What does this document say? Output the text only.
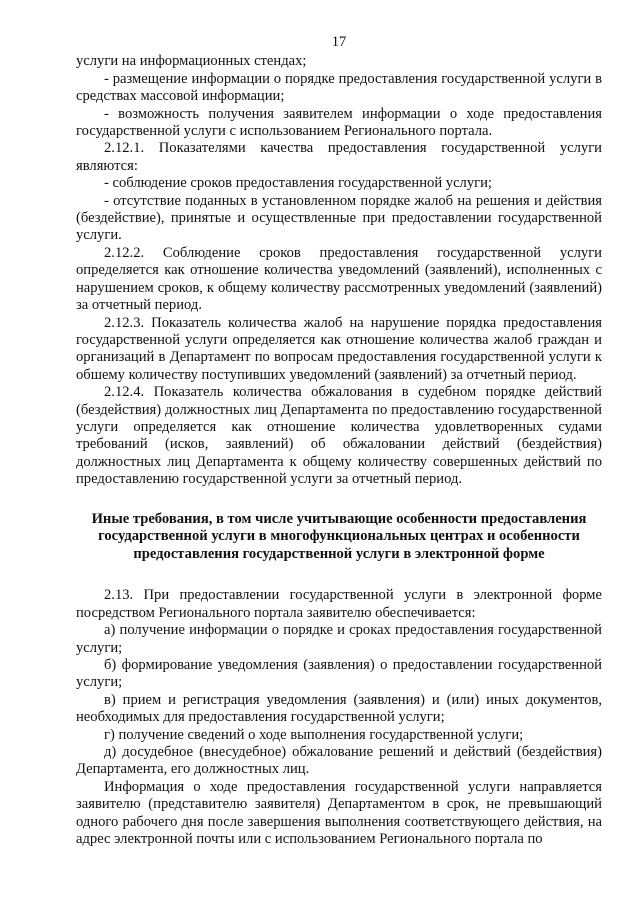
17

услуги на информационных стендах;

- размещение информации о порядке предоставления государственной услуги в средствах массовой информации;

- возможность получения заявителем информации о ходе предоставления государственной услуги с использованием Регионального портала.

2.12.1. Показателями качества предоставления государственной услуги являются:

- соблюдение сроков предоставления государственной услуги;

- отсутствие поданных в установленном порядке жалоб на решения и действия (бездействие), принятые и осуществленные при предоставлении государственной услуги.

2.12.2. Соблюдение сроков предоставления государственной услуги определяется как отношение количества уведомлений (заявлений), исполненных с нарушением сроков, к общему количеству рассмотренных уведомлений (заявлений) за отчетный период.

2.12.3. Показатель количества жалоб на нарушение порядка предоставления государственной услуги определяется как отношение количества жалоб граждан и организаций в Департамент по вопросам предоставления государственной услуги к обшему количеству поступивших уведомлений (заявлений) за отчетный период.

2.12.4. Показатель количества обжалования в судебном порядке действий (бездействия) должностных лиц Департамента по предоставлению государственной услуги определяется как отношение количества удовлетворенных судами требований (исков, заявлений) об обжаловании действий (бездействия) должностных лиц Департамента к общему количеству совершенных действий по предоставлению государственной услуги за отчетный период.

Иные требования, в том числе учитывающие особенности предоставления государственной услуги в многофункциональных центрах и особенности предоставления государственной услуги в электронной форме

2.13. При предоставлении государственной услуги в электронной форме посредством Регионального портала заявителю обеспечивается:

а) получение информации о порядке и сроках предоставления государственной услуги;

б) формирование уведомления (заявления) о предоставлении государственной услуги;

в) прием и регистрация уведомления (заявления) и (или) иных документов, необходимых для предоставления государственной услуги;

г) получение сведений о ходе выполнения государственной услуги;

д) досудебное (внесудебное) обжалование решений и действий (бездействия) Департамента, его должностных лиц.

Информация о ходе предоставления государственной услуги направляется заявителю (представителю заявителя) Департаментом в срок, не превышающий одного рабочего дня после завершения выполнения соответствующего действия, на адрес электронной почты или с использованием Регионального портала по
